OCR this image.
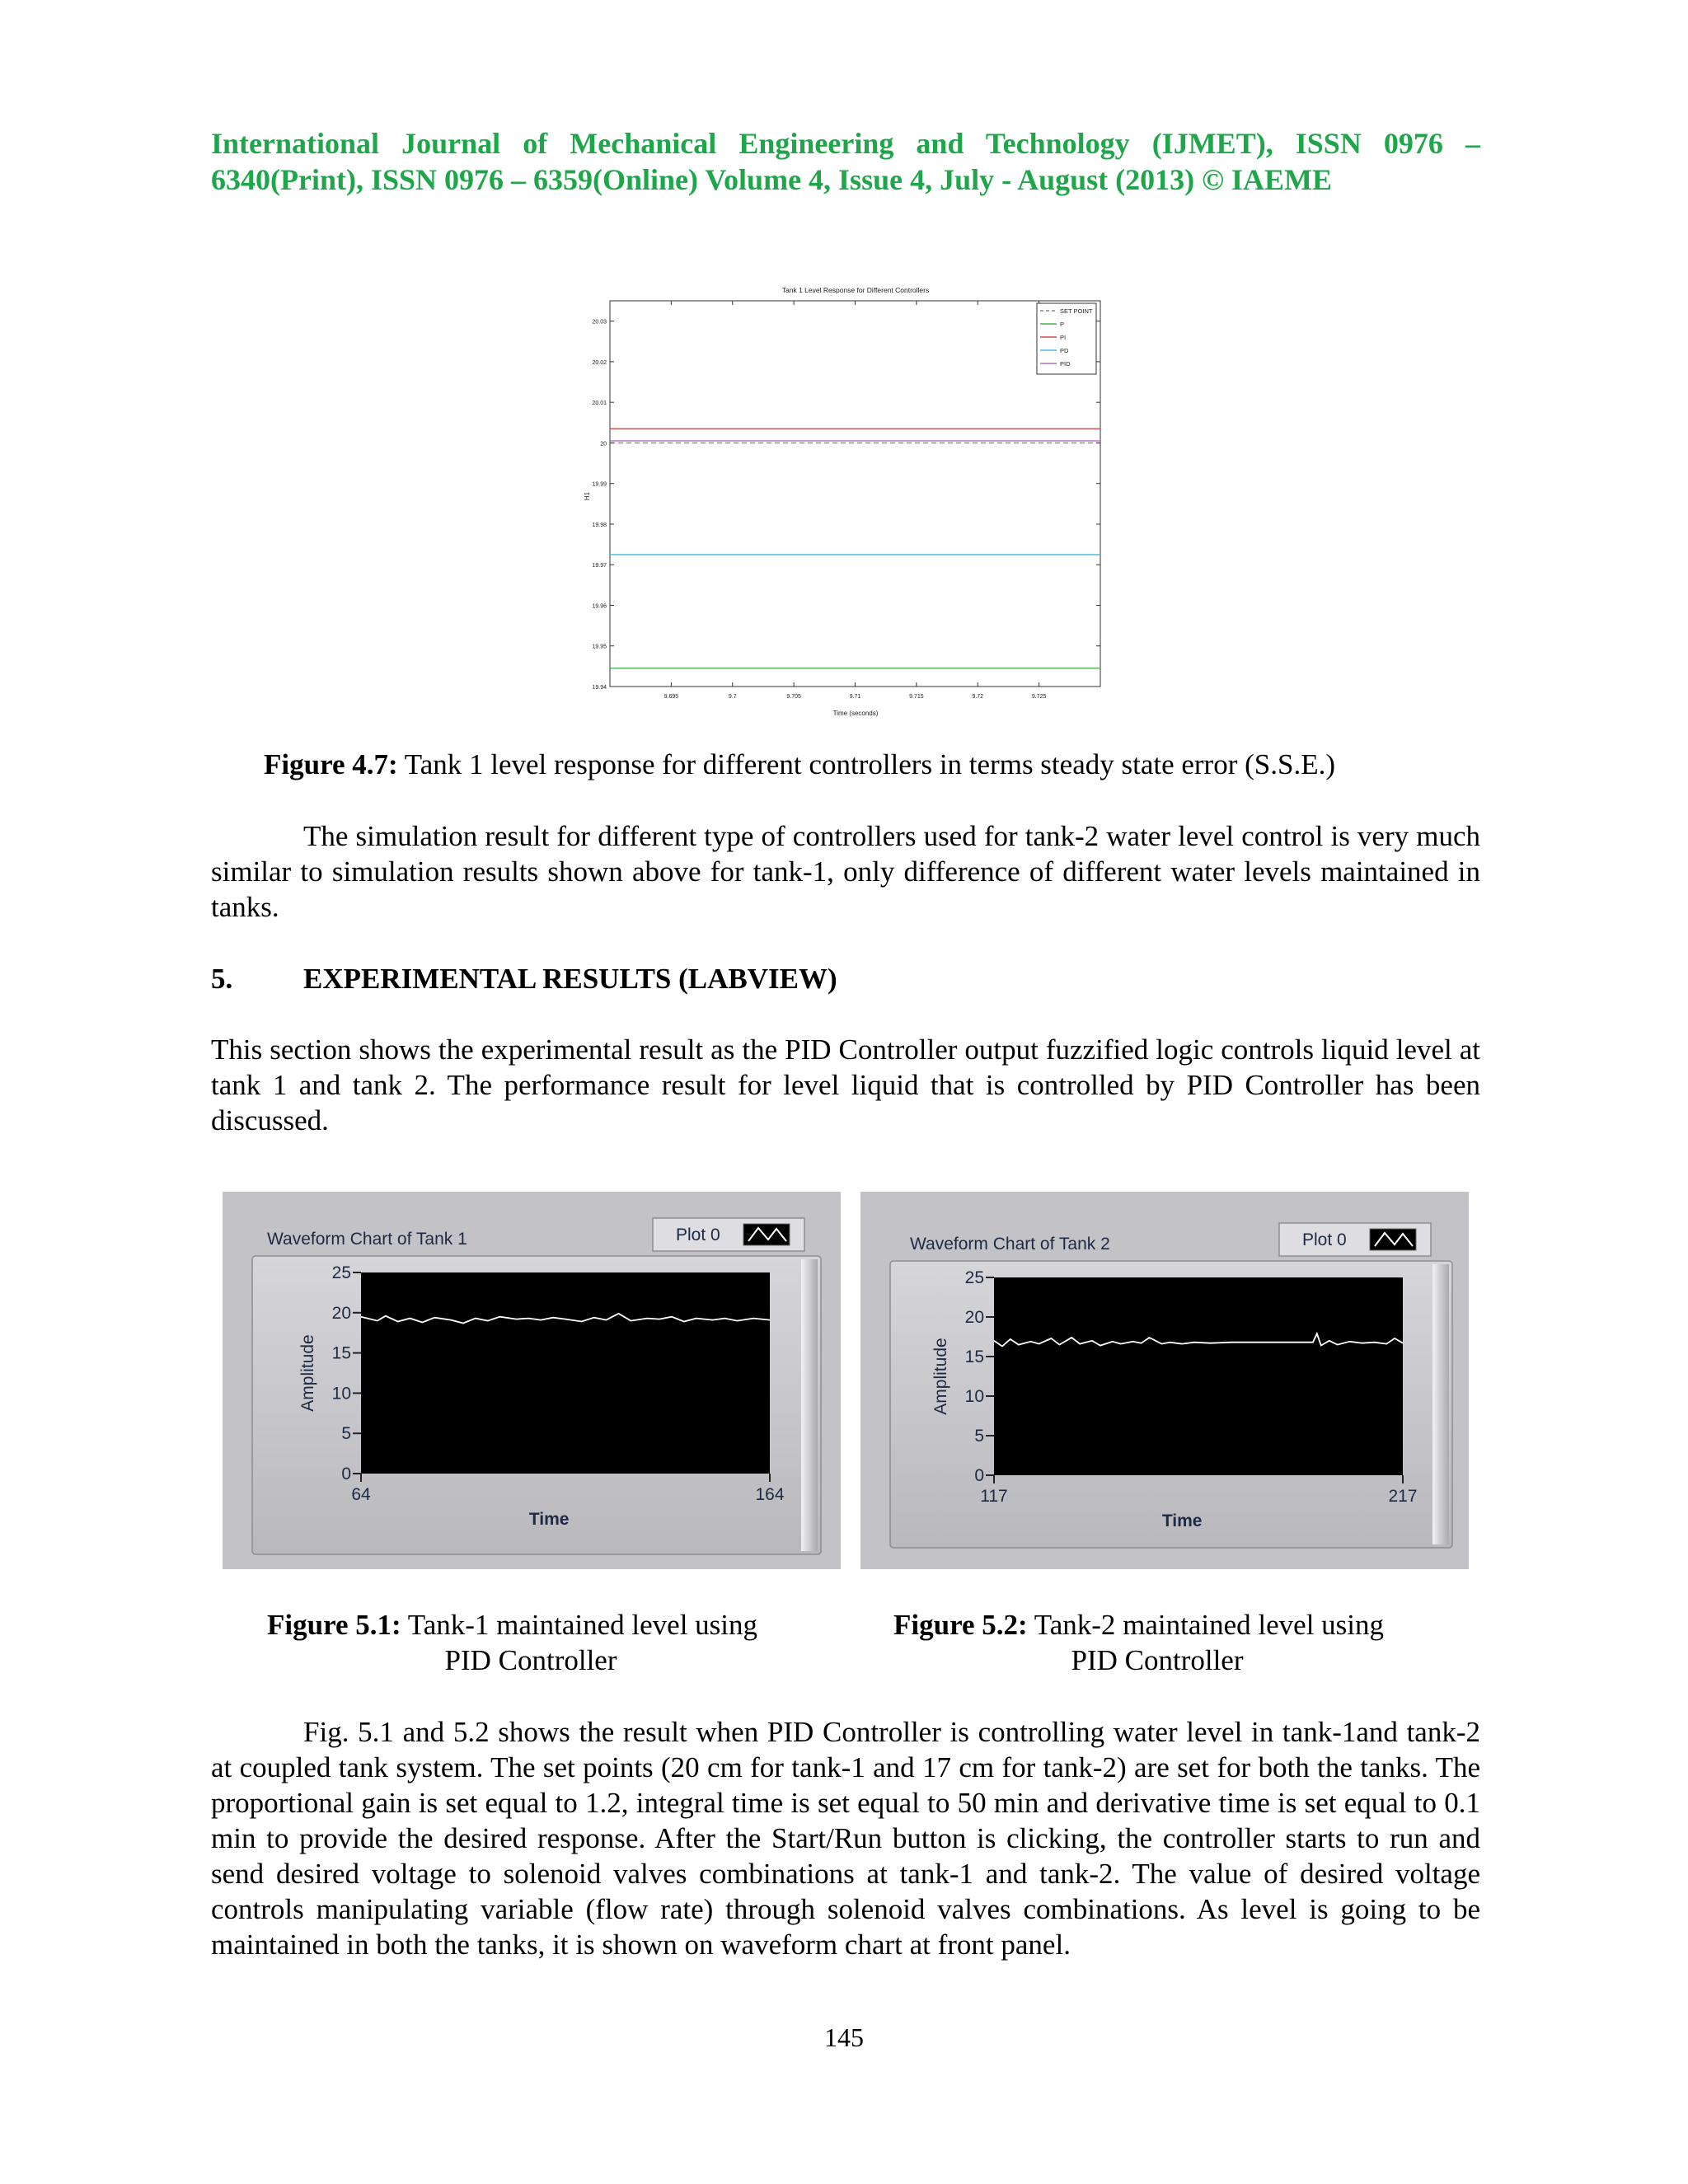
International Journal of Mechanical Engineering and Technology (IJMET), ISSN 0976 – 6340(Print), ISSN 0976 – 6359(Online) Volume 4, Issue 4, July - August (2013) © IAEME
Tank 1 Level Response for Different Controllers
19.94
19.95
19.96
19.97
19.98
19.99
20
20.01
20.02
20.03
9.695	9.7	9.705	9.71	9.715	9.72	9.725
Time (seconds)
H1
SET POINT
P
PI
PD
PID
Figure 4.7: Tank 1 level response for different controllers in terms steady state error (S.S.E.)

The simulation result for different type of controllers used for tank-2 water level control is very much similar to simulation results shown above for tank-1, only difference of different water levels maintained in tanks.

5. EXPERIMENTAL RESULTS (LABVIEW)

This section shows the experimental result as the PID Controller output fuzzified logic controls liquid level at tank 1 and tank 2. The performance result for level liquid that is controlled by PID Controller has been discussed.

Waveform Chart of Tank 1	Plot 0
0
5
10
15
20
25
64	164
Time
Amplitude
Waveform Chart of Tank 2	Plot 0
0
5
10
15
20
25
117	217
Time
Amplitude
Figure 5.1: Tank-1 maintained level using
PID Controller
Figure 5.2: Tank-2 maintained level using
PID Controller

Fig. 5.1 and 5.2 shows the result when PID Controller is controlling water level in tank-1and tank-2 at coupled tank system. The set points (20 cm for tank-1 and 17 cm for tank-2) are set for both the tanks. The proportional gain is set equal to 1.2, integral time is set equal to 50 min and derivative time is set equal to 0.1 min to provide the desired response. After the Start/Run button is clicking, the controller starts to run and send desired voltage to solenoid valves combinations at tank-1 and tank-2. The value of desired voltage controls manipulating variable (flow rate) through solenoid valves combinations. As level is going to be maintained in both the tanks, it is shown on waveform chart at front panel.

145
